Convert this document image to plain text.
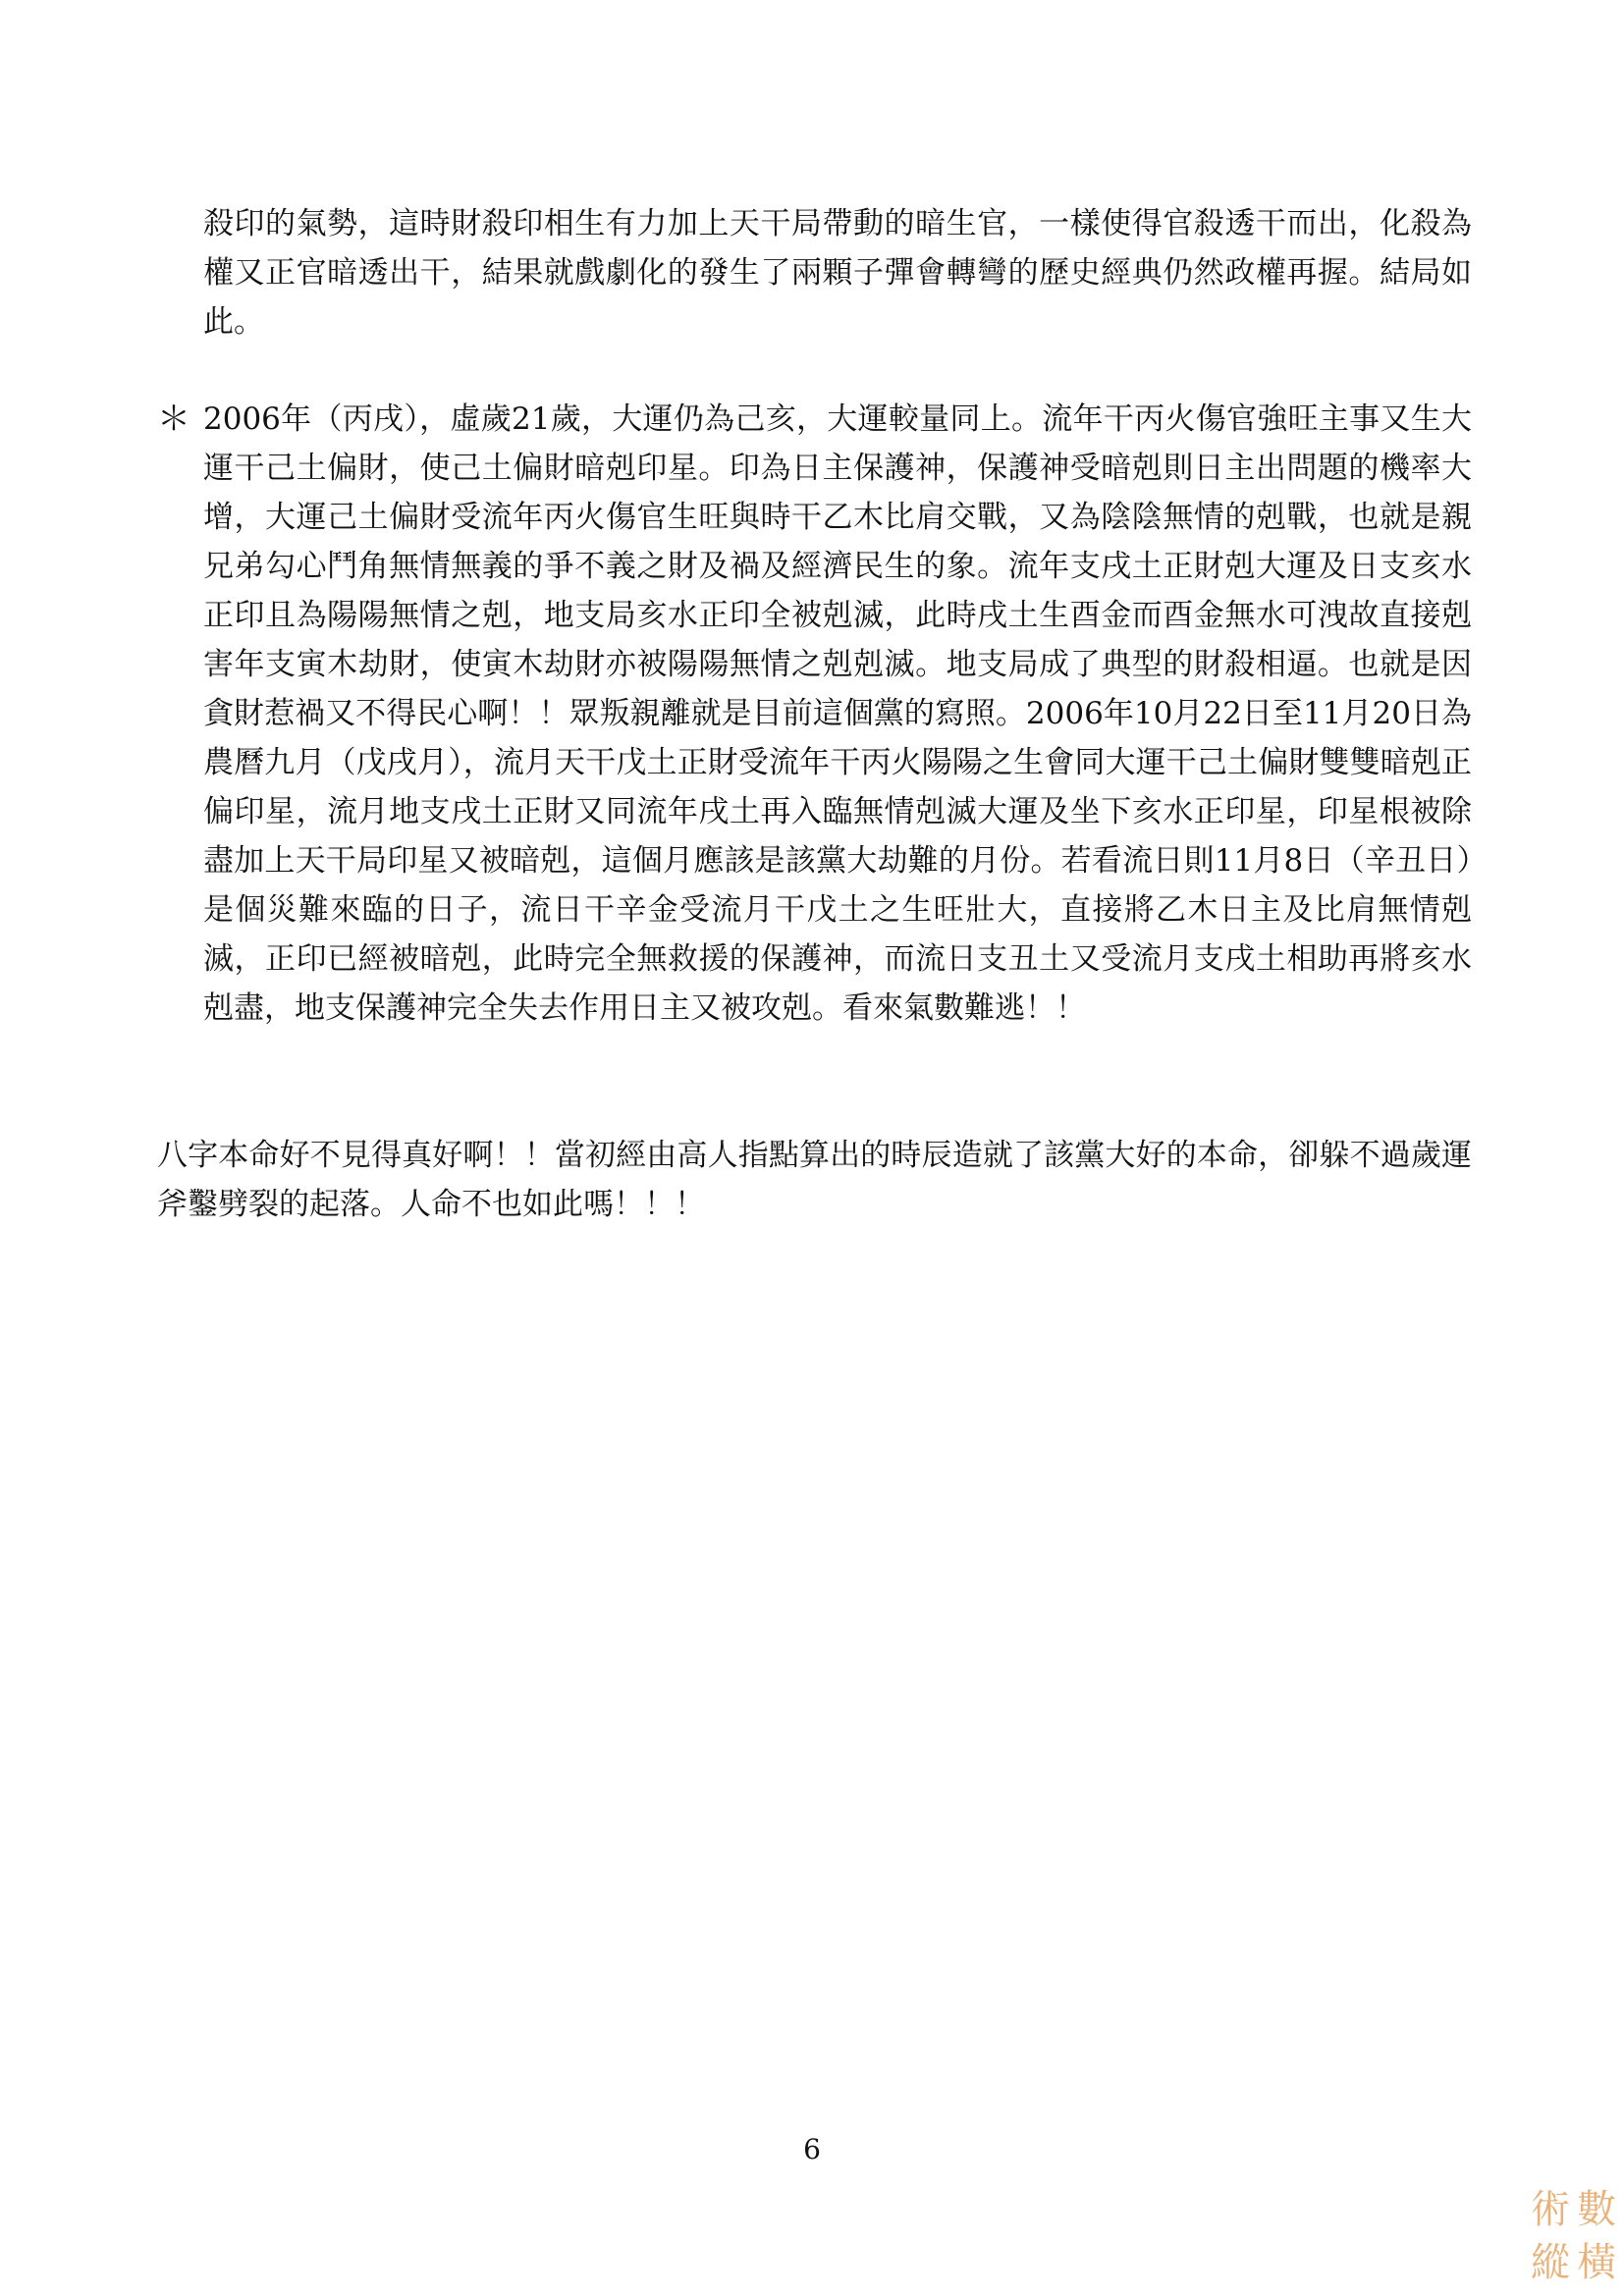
殺印的氣勢，這時財殺印相生有力加上天干局帶動的暗生官，一樣使得官殺透干而出，化殺為權又正官暗透出干，結果就戲劇化的發生了兩顆子彈會轉彎的歷史經典仍然政權再握。結局如此。

＊ 2006年（丙戌），虛歲21歲，大運仍為己亥，大運較量同上。流年干丙火傷官強旺主事又生大運干己土偏財，使己土偏財暗剋印星。印為日主保護神，保護神受暗剋則日主出問題的機率大增，大運己土偏財受流年丙火傷官生旺與時干乙木比肩交戰，又為陰陰無情的剋戰，也就是親兄弟勾心鬥角無情無義的爭不義之財及禍及經濟民生的象。流年支戌土正財剋大運及日支亥水正印且為陽陽無情之剋，地支局亥水正印全被剋滅，此時戌土生酉金而酉金無水可洩故直接剋害年支寅木劫財，使寅木劫財亦被陽陽無情之剋剋滅。地支局成了典型的財殺相逼。也就是因貪財惹禍又不得民心啊！！眾叛親離就是目前這個黨的寫照。2006年10月22日至11月20日為農曆九月（戊戌月），流月天干戊土正財受流年干丙火陽陽之生會同大運干己土偏財雙雙暗剋正偏印星，流月地支戌土正財又同流年戌土再入臨無情剋滅大運及坐下亥水正印星，印星根被除盡加上天干局印星又被暗剋，這個月應該是該黨大劫難的月份。若看流日則11月8日（辛丑日）是個災難來臨的日子，流日干辛金受流月干戊土之生旺壯大，直接將乙木日主及比肩無情剋滅，正印已經被暗剋，此時完全無救援的保護神，而流日支丑土又受流月支戌土相助再將亥水剋盡，地支保護神完全失去作用日主又被攻剋。看來氣數難逃！！

八字本命好不見得真好啊！！當初經由高人指點算出的時辰造就了該黨大好的本命，卻躲不過歲運斧鑿劈裂的起落。人命不也如此嗎！！！

6
術 數
縱 橫
